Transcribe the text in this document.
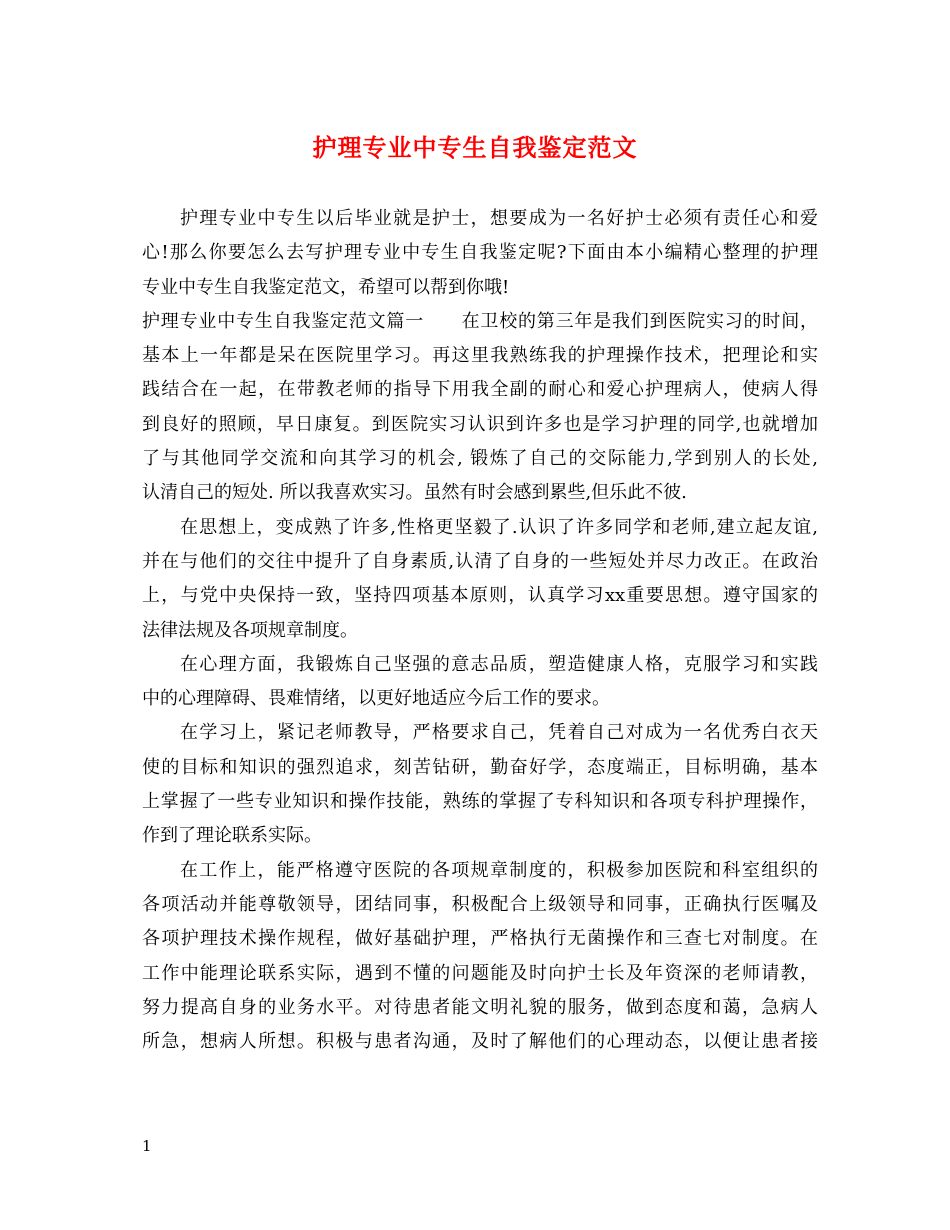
护理专业中专生自我鉴定范文
护理专业中专生以后毕业就是护士，想要成为一名好护士必须有责任心和爱
心!那么你要怎么去写护理专业中专生自我鉴定呢?下面由本小编精心整理的护理
专业中专生自我鉴定范文，希望可以帮到你哦!
护理专业中专生自我鉴定范文篇一　　在卫校的第三年是我们到医院实习的时间，
基本上一年都是呆在医院里学习。再这里我熟练我的护理操作技术，把理论和实
践结合在一起，在带教老师的指导下用我全副的耐心和爱心护理病人，使病人得
到良好的照顾，早日康复。到医院实习认识到许多也是学习护理的同学,也就增加
了与其他同学交流和向其学习的机会, 锻炼了自己的交际能力,学到别人的长处,
认清自己的短处. 所以我喜欢实习。虽然有时会感到累些,但乐此不彼.
在思想上，变成熟了许多,性格更坚毅了.认识了许多同学和老师,建立起友谊,
并在与他们的交往中提升了自身素质,认清了自身的一些短处并尽力改正。在政治
上，与党中央保持一致，坚持四项基本原则，认真学习xx重要思想。遵守国家的
法律法规及各项规章制度。
在心理方面，我锻炼自己坚强的意志品质，塑造健康人格，克服学习和实践
中的心理障碍、畏难情绪，以更好地适应今后工作的要求。
在学习上，紧记老师教导，严格要求自己，凭着自己对成为一名优秀白衣天
使的目标和知识的强烈追求，刻苦钻研，勤奋好学，态度端正，目标明确，基本
上掌握了一些专业知识和操作技能，熟练的掌握了专科知识和各项专科护理操作，
作到了理论联系实际。
在工作上，能严格遵守医院的各项规章制度的，积极参加医院和科室组织的
各项活动并能尊敬领导，团结同事，积极配合上级领导和同事，正确执行医嘱及
各项护理技术操作规程，做好基础护理，严格执行无菌操作和三查七对制度。在
工作中能理论联系实际，遇到不懂的问题能及时向护士长及年资深的老师请教，
努力提高自身的业务水平。对待患者能文明礼貌的服务，做到态度和蔼，急病人
所急，想病人所想。积极与患者沟通，及时了解他们的心理动态，以便让患者接
1
